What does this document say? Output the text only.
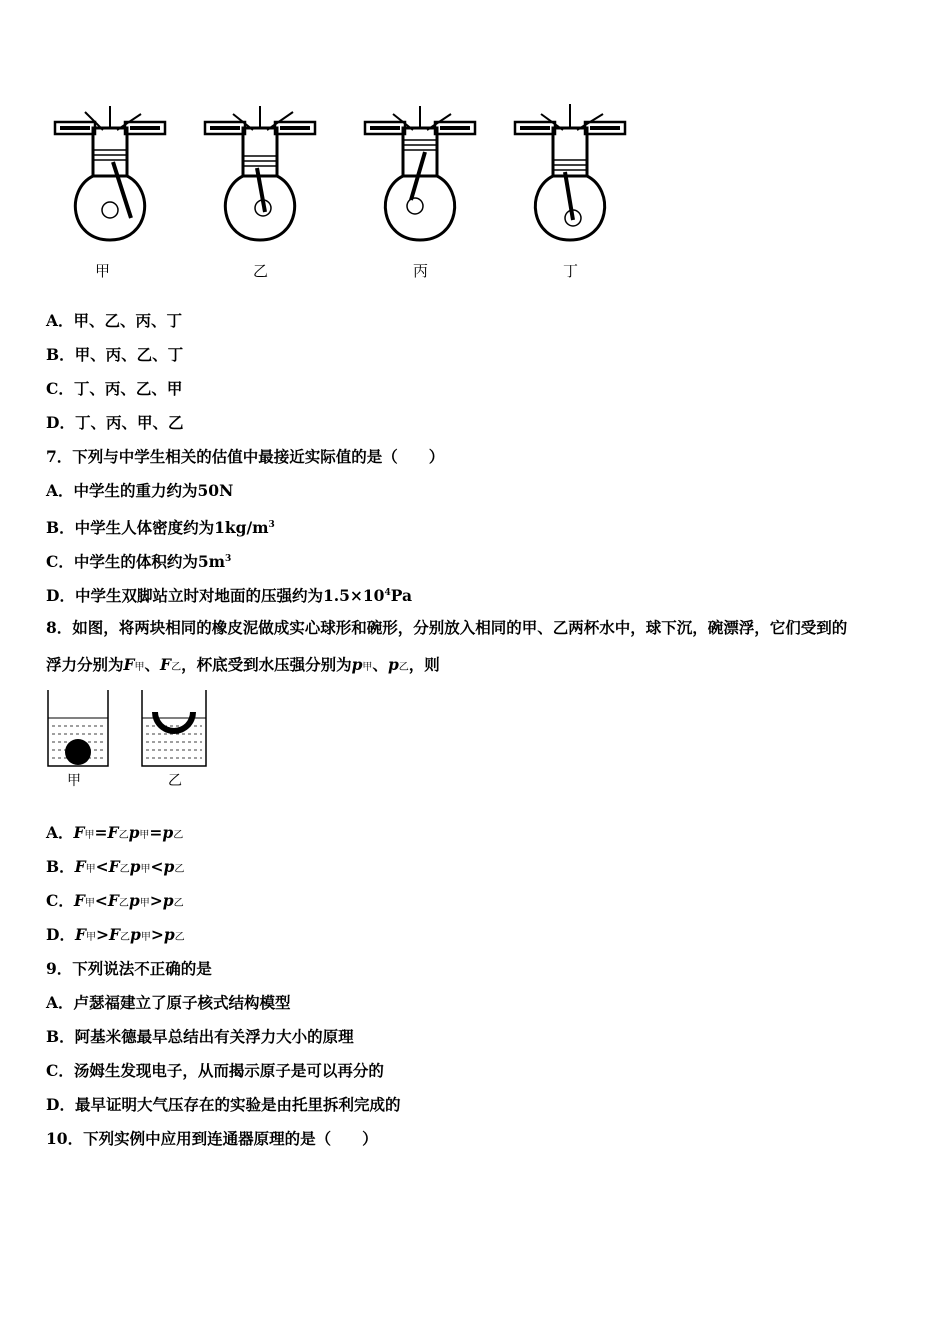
甲	乙	丙	丁
A．甲、乙、丙、丁
B．甲、丙、乙、丁
C．丁、丙、乙、甲
D．丁、丙、甲、乙
7．下列与中学生相关的估值中最接近实际值的是（　　）
A．中学生的重力约为50N
B．中学生人体密度约为$1kg/m^3$
C．中学生的体积约为$5m^3$
D．中学生双脚站立时对地面的压强约为$1.5\times 10^4Pa$
8．如图，将两块相同的橡皮泥做成实心球形和碗形，分别放入相同的甲、乙两杯水中，球下沉，碗漂浮，它们受到的
浮力分别为F甲、F乙，杯底受到水压强分别为p甲、p乙，则
甲	乙
A．F甲=F乙p甲=p乙
B．F甲<F乙p甲<p乙
C．F甲<F乙p甲>p乙
D．F甲>F乙p甲>p乙
9．下列说法不正确的是
A．卢瑟福建立了原子核式结构模型
B．阿基米德最早总结出有关浮力大小的原理
C．汤姆生发现电子，从而揭示原子是可以再分的
D．最早证明大气压存在的实验是由托里拆利完成的
10．下列实例中应用到连通器原理的是（　　）
